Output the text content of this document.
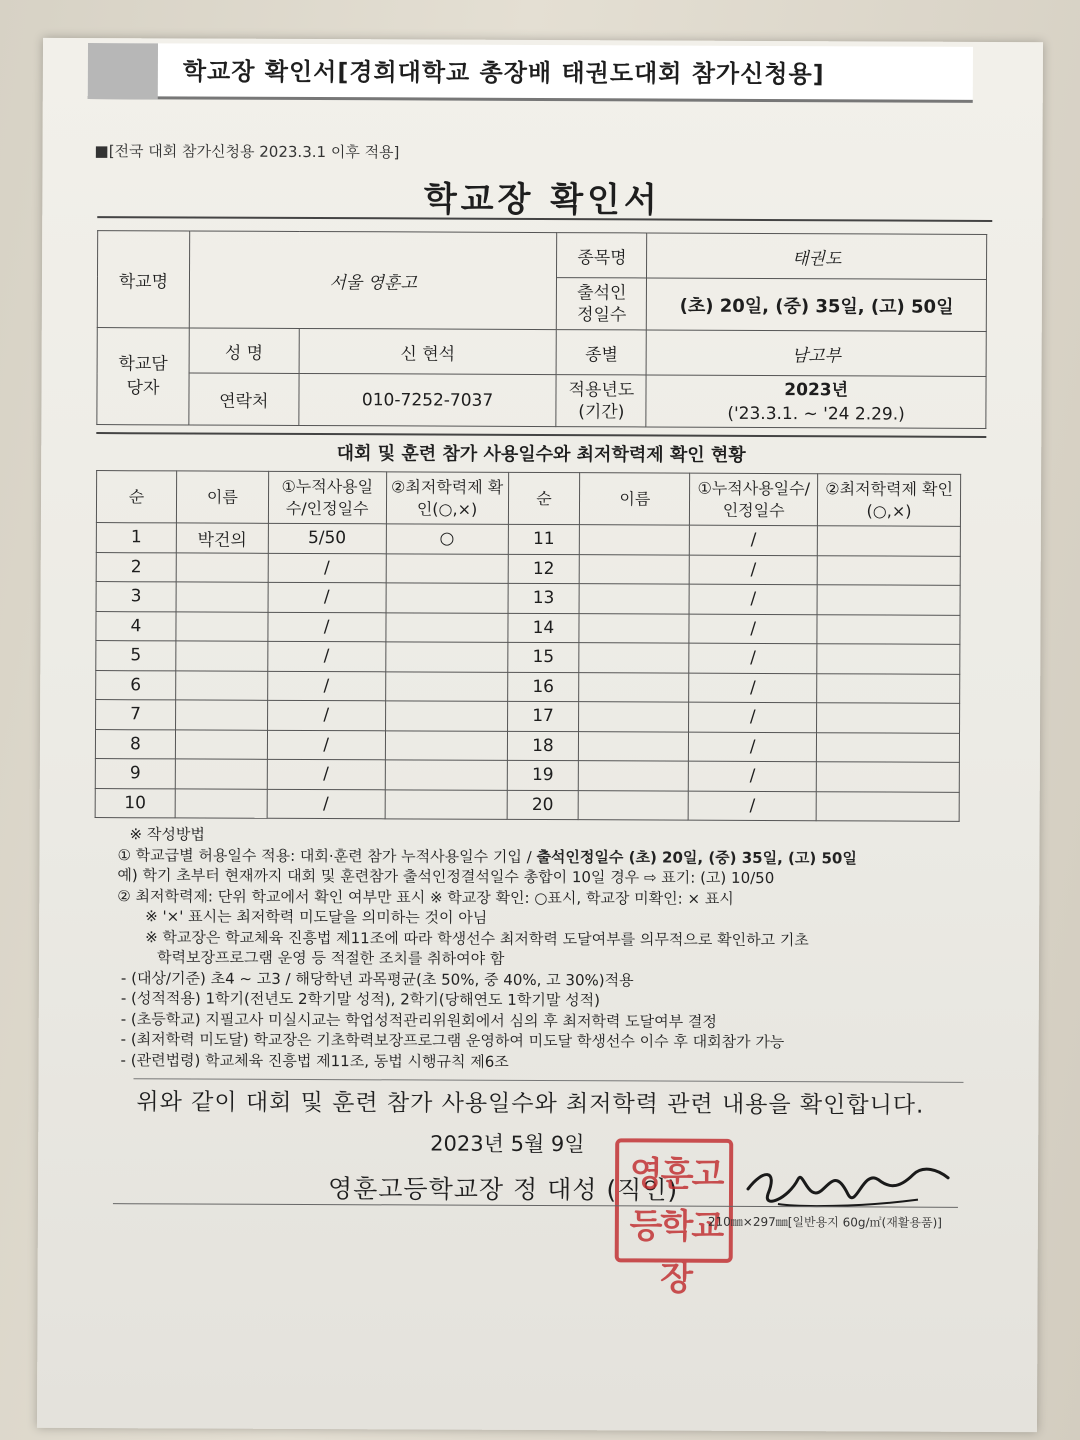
학교장 확인서[경희대학교 총장배 태권도대회 참가신청용]
■[전국 대회 참가신청용 2023.3.1 이후 적용]
학교장 확인서
학교명	서울 영훈고		종목명	태권도
			출석인정일수	(초) 20일, (중) 35일, (고) 50일
학교담당자	성 명	신 현석	종별	남고부
	연락처	010-7252-7037	적용년도(기간)	2023년
('23.3.1. ~ '24 2.29.)
대회 및 훈련 참가 사용일수와 최저학력제 확인 현황
순	이름	①누적사용일수/인정일수	②최저학력제 확인(○,×)	순	이름	①누적사용일수/인정일수	②최저학력제 확인(○,×)
1	박건의	5/50	○	11		/	
2		/		12		/	
3		/		13		/	
4		/		14		/	
5		/		15		/	
6		/		16		/	
7		/		17		/	
8		/		18		/	
9		/		19		/	
10		/		20		/	
※ 작성방법
① 학교급별 허용일수 적용: 대회·훈련 참가 누적사용일수 기입 / 출석인정일수 (초) 20일, (중) 35일, (고) 50일
예) 학기 초부터 현재까지 대회 및 훈련참가 출석인정결석일수 총합이 10일 경우 ⇨ 표기: (고) 10/50
② 최저학력제: 단위 학교에서 확인 여부만 표시 ※ 학교장 확인: ○표시, 학교장 미확인: × 표시
※ '×' 표시는 최저학력 미도달을 의미하는 것이 아님
※ 학교장은 학교체육 진흥법 제11조에 따라 학생선수 최저학력 도달여부를 의무적으로 확인하고 기초
학력보장프로그램 운영 등 적절한 조치를 취하여야 함
- (대상/기준) 초4 ~ 고3 / 해당학년 과목평균(초 50%, 중 40%, 고 30%)적용
- (성적적용) 1학기(전년도 2학기말 성적), 2학기(당해연도 1학기말 성적)
- (초등학교) 지필고사 미실시교는 학업성적관리위원회에서 심의 후 최저학력 도달여부 결정
- (최저학력 미도달) 학교장은 기초학력보장프로그램 운영하여 미도달 학생선수 이수 후 대회참가 가능
- (관련법령) 학교체육 진흥법 제11조, 동법 시행규칙 제6조
위와 같이 대회 및 훈련 참가 사용일수와 최저학력 관련 내용을 확인합니다.
2023년 5월 9일
영훈고등학교장 정 대성 (직인)
영훈고등학교장
210㎜×297㎜[일반용지 60g/㎡(재활용품)]
